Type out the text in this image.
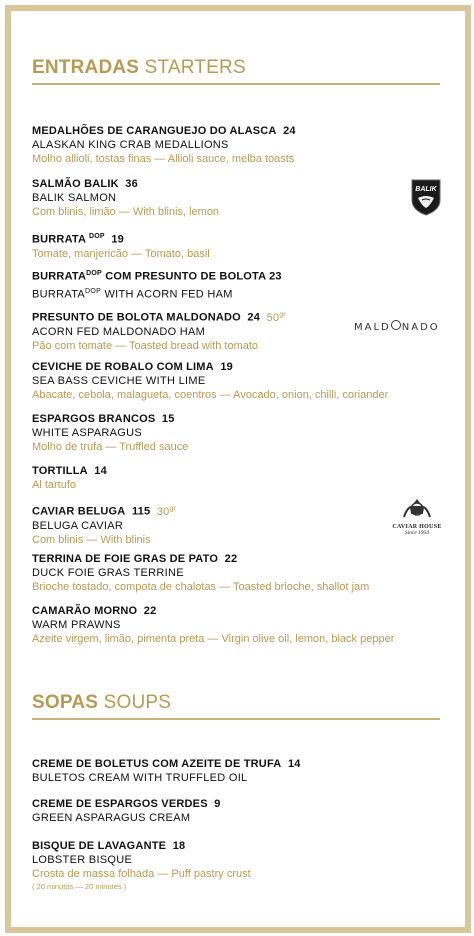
ENTRADAS STARTERS
MEDALHÕES DE CARANGUEJO DO ALASCA 24
ALASKAN KING CRAB MEDALLIONS
Molho allioli, tostas finas — Allioli sauce, melba toasts
SALMÃO BALIK 36
BALIK SALMON
Com blinis, limão — With blinis, lemon
BURRATA $^{DOP}$ 19
Tomate, manjericão — Tomato, basil
$BURRATA^{DOP}$ COM PRESUNTO DE BOLOTA 23
$BURRATA^{DOP}$ WITH ACORN FED HAM
PRESUNTO DE BOLOTA MALDONADO 24 $50^{gr}$
ACORN FED MALDONADO HAM
Pão com tomate — Toasted bread with tomato
CEVICHE DE ROBALO COM LIMA 19
SEA BASS CEVICHE WITH LIME
Abacate, cebola, malagueta, coentros — Avocado, onion, chilli, coriander
ESPARGOS BRANCOS 15
WHITE ASPARAGUS
Molho de trufa — Truffled sauce
TORTILLA 14
Al tartufo
CAVIAR BELUGA 115 $30^{gr}$
BELUGA CAVIAR
Com blinis — With blinis
TERRINA DE FOIE GRAS DE PATO 22
DUCK FOIE GRAS TERRINE
Brioche tostado, compota de chalotas — Toasted brioche, shallot jam
CAMARÃO MORNO 22
WARM PRAWNS
Azeite virgem, limão, pimenta preta — Virgin olive oil, lemon, black pepper
SOPAS SOUPS
CREME DE BOLETUS COM AZEITE DE TRUFA 14
BULETOS CREAM WITH TRUFFLED OIL
CREME DE ESPARGOS VERDES 9
GREEN ASPARAGUS CREAM
BISQUE DE LAVAGANTE 18
LOBSTER BISQUE
Crosta de massa folhada — Puff pastry crust
( 20 minutos — 20 minutes )
BALIK
MALD NADO
CAVIAR HOUSE
Since 1950
